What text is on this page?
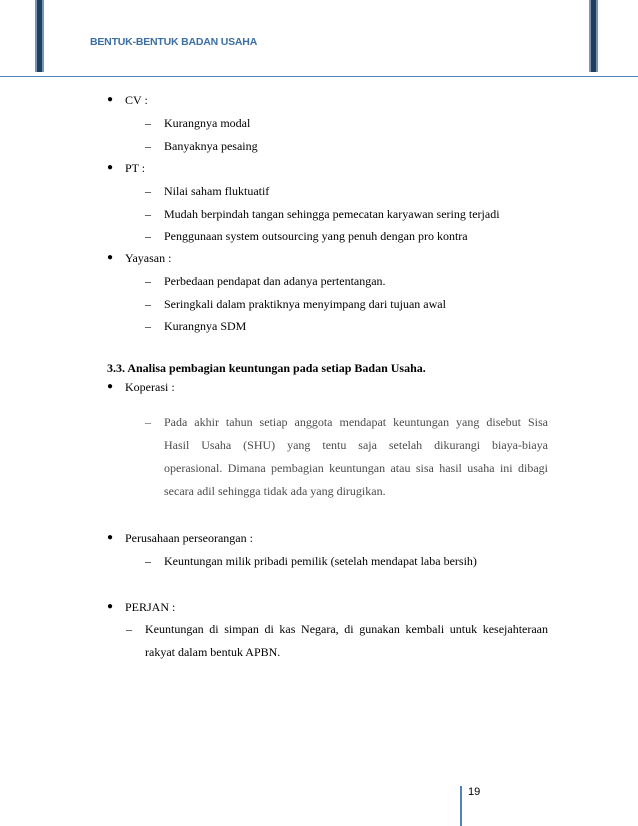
BENTUK-BENTUK BADAN USAHA
● CV :
– Kurangnya modal
– Banyaknya pesaing
● PT :
– Nilai saham fluktuatif
– Mudah berpindah tangan sehingga pemecatan karyawan sering terjadi
– Penggunaan system outsourcing yang penuh dengan pro kontra
● Yayasan :
– Perbedaan pendapat dan adanya pertentangan.
– Seringkali dalam praktiknya menyimpang dari tujuan awal
– Kurangnya SDM
3.3. Analisa pembagian keuntungan pada setiap Badan Usaha.
● Koperasi :
– Pada akhir tahun setiap anggota mendapat keuntungan yang disebut Sisa
Hasil Usaha (SHU) yang tentu saja setelah dikurangi biaya-biaya
operasional. Dimana pembagian keuntungan atau sisa hasil usaha ini dibagi
secara adil sehingga tidak ada yang dirugikan.
● Perusahaan perseorangan :
– Keuntungan milik pribadi pemilik (setelah mendapat laba bersih)
● PERJAN :
– Keuntungan di simpan di kas Negara, di gunakan kembali untuk kesejahteraan
rakyat dalam bentuk APBN.
19
